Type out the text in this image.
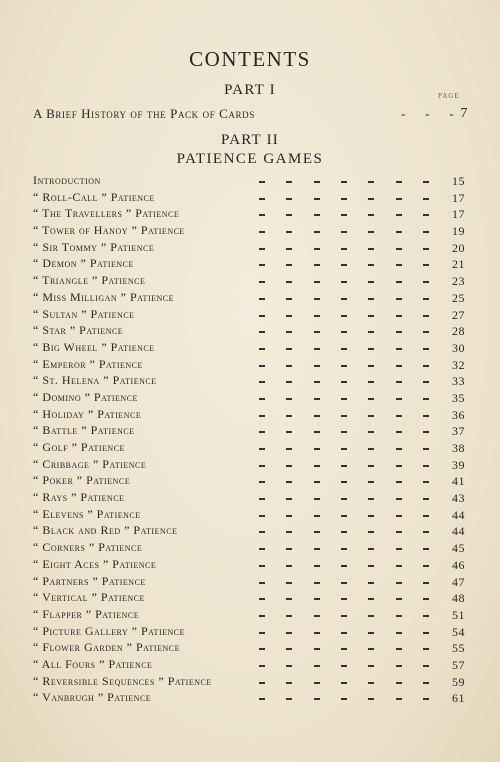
CONTENTS
PART I	PAGE
A Brief History of the Pack of Cards	-     -     - 7
PART II
PATIENCE GAMES
Introduction	15
“ Roll-Call ” Patience	17
“ The Travellers ” Patience	17
“ Tower of Hanoy ” Patience	19
“ Sir Tommy ” Patience	20
“ Demon ” Patience	21
“ Triangle ” Patience	23
“ Miss Milligan ” Patience	25
“ Sultan ” Patience	27
“ Star ” Patience	28
“ Big Wheel ” Patience	30
“ Emperor ” Patience	32
“ St. Helena ” Patience	33
“ Domino ” Patience	35
“ Holiday ” Patience	36
“ Battle ” Patience	37
“ Golf ” Patience	38
“ Cribbage ” Patience	39
“ Poker ” Patience	41
“ Rays ” Patience	43
“ Elevens ” Patience	44
“ Black and Red ” Patience	44
“ Corners ” Patience	45
“ Eight Aces ” Patience	46
“ Partners ” Patience	47
“ Vertical ” Patience	48
“ Flapper ” Patience	51
“ Picture Gallery ” Patience	54
“ Flower Garden ” Patience	55
“ All Fours ” Patience	57
“ Reversible Sequences ” Patience	59
“ Vanbrugh ” Patience	61
